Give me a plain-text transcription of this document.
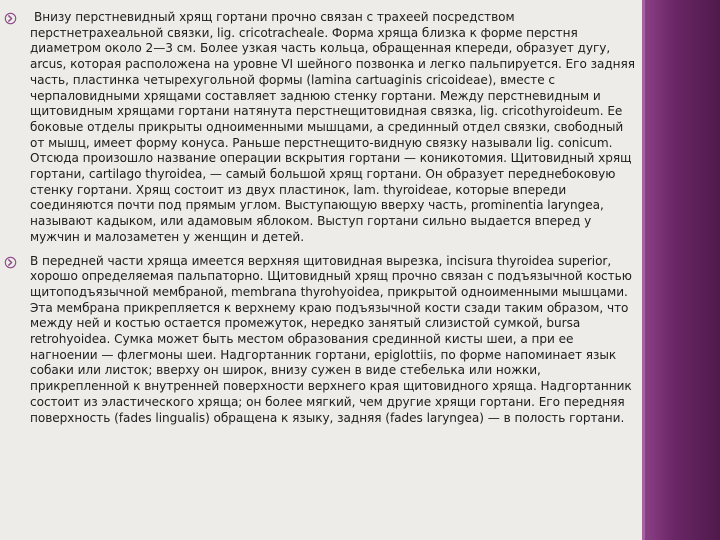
Внизу перстневидный хрящ гортани прочно связан с трахеей посредством перстнетрахеальной связки, lig. cricotracheale. Форма хряща близка к форме перстня диаметром около 2—3 см. Более узкая часть кольца, обращенная кпереди, образует дугу, arcus, которая расположена на уровне VI шейного позвонка и легко пальпируется. Его задняя часть, пластинка четырехугольной формы (lamina cartuaginis cricoideae), вместе с черпаловидными хрящами составляет заднюю стенку гортани. Между перстневидным и щитовидным хрящами гортани натянута перстнещитовидная связка, lig. cricothyroideum. Ее боковые отделы прикрыты одноименными мышцами, а срединный отдел связки, свободный от мышц, имеет форму конуса. Раньше перстнещито-видную связку называли lig. conicum. Отсюда произошло название операции вскрытия гортани — коникотомия. Щитовидный хрящ гортани, cartilago thyroidea, — самый большой хрящ гортани. Он образует переднебоковую стенку гортани. Хрящ состоит из двух пластинок, lam. thyroideae, которые впереди соединяются почти под прямым углом. Выступающую вверху часть, prominentia laryngea, называют кадыком, или адамовым яблоком. Выступ гортани сильно выдается вперед у мужчин и малозаметен у женщин и детей.
В передней части хряща имеется верхняя щитовидная вырезка, incisura thyroidea superior, хорошо определяемая пальпаторно. Щитовидный хрящ прочно связан с подъязычной костью щитоподъязычной мембраной, membrana thyrohyoidea, прикрытой одноименными мышцами. Эта мембрана прикрепляется к верхнему краю подъязычной кости сзади таким образом, что между ней и костью остается промежуток, нередко занятый слизистой сумкой, bursa retrohyoidea. Сумка может быть местом образования срединной кисты шеи, а при ее нагноении — флегмоны шеи. Надгортанник гортани, epiglottiis, по форме напоминает язык собаки или листок; вверху он широк, внизу сужен в виде стебелька или ножки, прикрепленной к внутренней поверхности верхнего края щитовидного хряща. Надгортанник состоит из эластического хряща; он более мягкий, чем другие хрящи гортани. Его передняя поверхность (fades lingualis) обращена к языку, задняя (fades laryngea) — в полость гортани.
